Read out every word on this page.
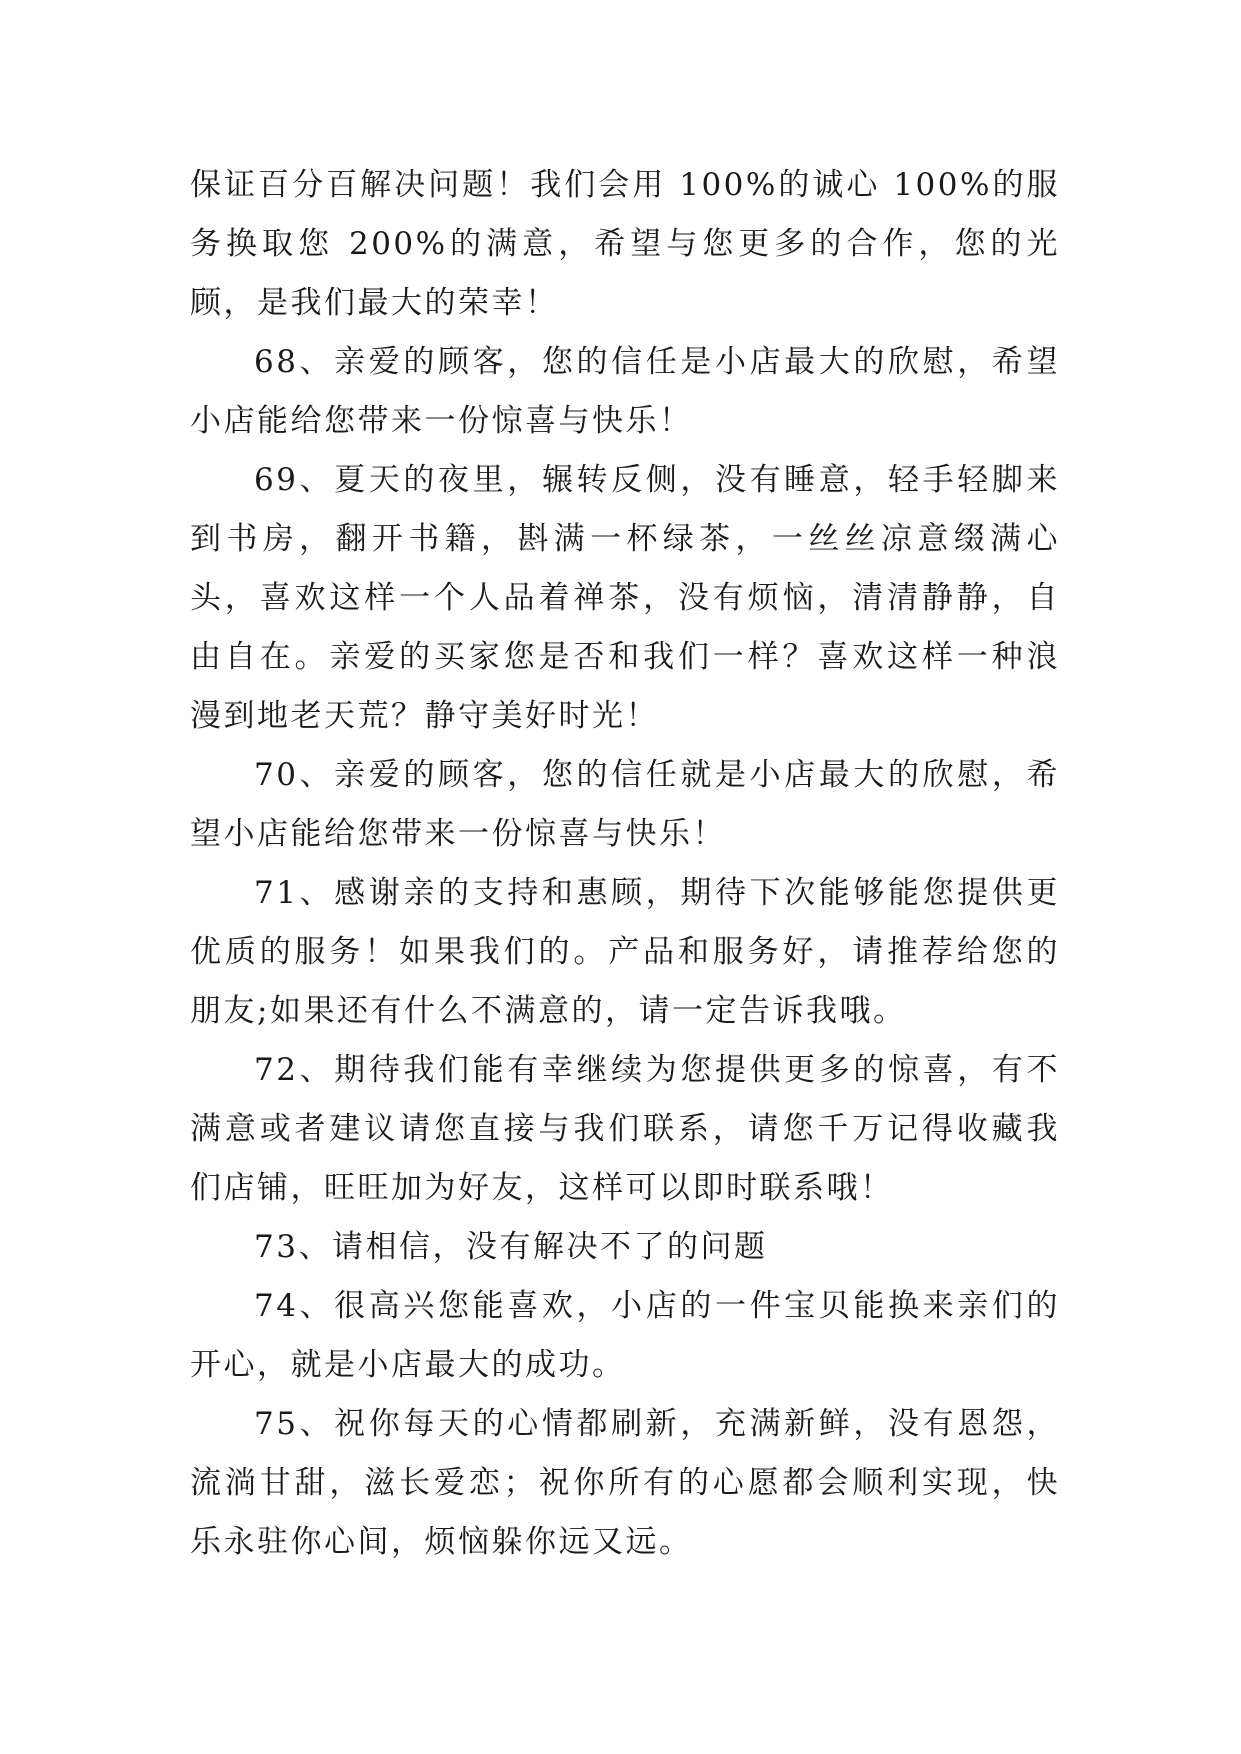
保证百分百解决问题！我们会用 100%的诚心 100%的服务换取您 200%的满意，希望与您更多的合作，您的光顾，是我们最大的荣幸！

68、亲爱的顾客，您的信任是小店最大的欣慰，希望小店能给您带来一份惊喜与快乐！

69、夏天的夜里，辗转反侧，没有睡意，轻手轻脚来到书房，翻开书籍，斟满一杯绿茶，一丝丝凉意缀满心头，喜欢这样一个人品着禅茶，没有烦恼，清清静静，自由自在。亲爱的买家您是否和我们一样？喜欢这样一种浪漫到地老天荒？静守美好时光！

70、亲爱的顾客，您的信任就是小店最大的欣慰，希望小店能给您带来一份惊喜与快乐！

71、感谢亲的支持和惠顾，期待下次能够能您提供更优质的服务！如果我们的。产品和服务好，请推荐给您的朋友;如果还有什么不满意的，请一定告诉我哦。

72、期待我们能有幸继续为您提供更多的惊喜，有不满意或者建议请您直接与我们联系，请您千万记得收藏我们店铺，旺旺加为好友，这样可以即时联系哦！

73、请相信，没有解决不了的问题

74、很高兴您能喜欢，小店的一件宝贝能换来亲们的开心，就是小店最大的成功。

75、祝你每天的心情都刷新，充满新鲜，没有恩怨，流淌甘甜，滋长爱恋；祝你所有的心愿都会顺利实现，快乐永驻你心间，烦恼躲你远又远。
